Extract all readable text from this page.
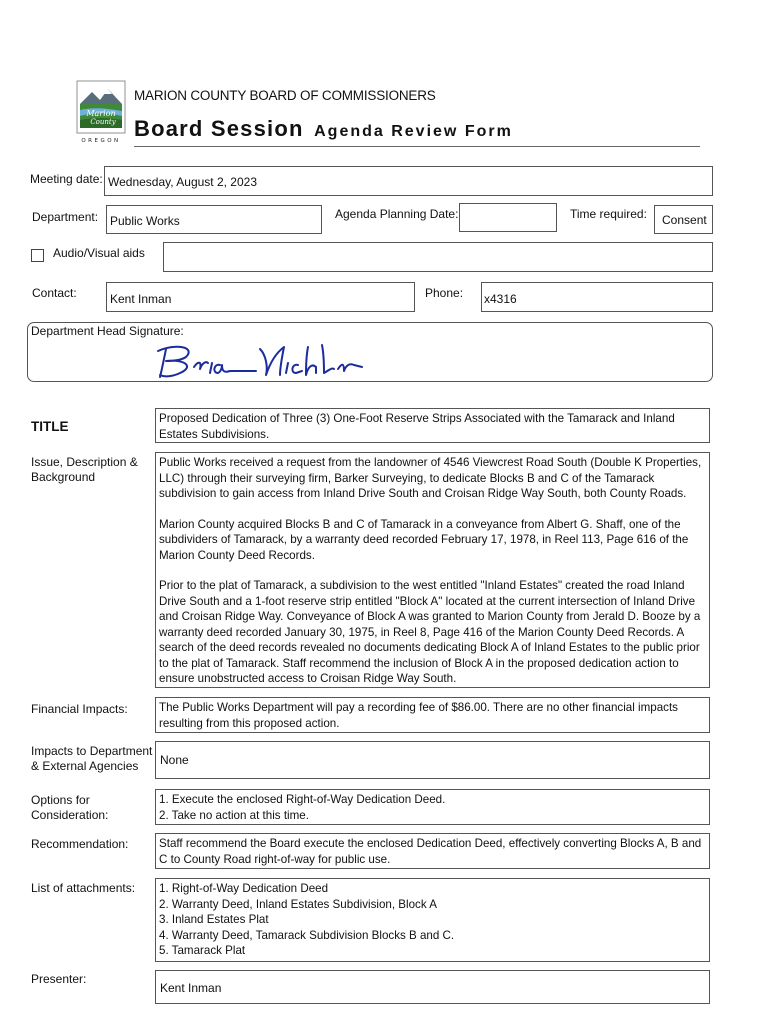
Marion
County
OREGON
MARION COUNTY BOARD OF COMMISSIONERS
Board Session Agenda Review Form
Meeting date: Wednesday, August 2, 2023
Department: Public Works	Agenda Planning Date:	Time required: Consent
Audio/Visual aids
Contact:	Kent Inman	Phone: x4316
Department Head Signature:
TITLE
Proposed Dedication of Three (3) One-Foot Reserve Strips Associated with the Tamarack and Inland Estates Subdivisions.
Issue, Description & Background

Public Works received a request from the landowner of 4546 Viewcrest Road South (Double K Properties, LLC) through their surveying firm, Barker Surveying, to dedicate Blocks B and C of the Tamarack subdivision to gain access from Inland Drive South and Croisan Ridge Way South, both County Roads.

Marion County acquired Blocks B and C of Tamarack in a conveyance from Albert G. Shaff, one of the subdividers of Tamarack, by a warranty deed recorded February 17, 1978, in Reel 113, Page 616 of the Marion County Deed Records.

Prior to the plat of Tamarack, a subdivision to the west entitled "Inland Estates" created the road Inland Drive South and a 1-foot reserve strip entitled "Block A" located at the current intersection of Inland Drive and Croisan Ridge Way. Conveyance of Block A was granted to Marion County from Jerald D. Booze by a warranty deed recorded January 30, 1975, in Reel 8, Page 416 of the Marion County Deed Records. A search of the deed records revealed no documents dedicating Block A of Inland Estates to the public prior to the plat of Tamarack. Staff recommend the inclusion of Block A in the proposed dedication action to ensure unobstructed access to Croisan Ridge Way South.

Financial Impacts:	The Public Works Department will pay a recording fee of $86.00. There are no other financial impacts resulting from this proposed action.
Impacts to Department
& External Agencies	None
Options for
Consideration:
1. Execute the enclosed Right-of-Way Dedication Deed.
2. Take no action at this time.
Recommendation:	Staff recommend the Board execute the enclosed Dedication Deed, effectively converting Blocks A, B and C to County Road right-of-way for public use.
List of attachments: 1. Right-of-Way Dedication Deed
2. Warranty Deed, Inland Estates Subdivision, Block A
3. Inland Estates Plat
4. Warranty Deed, Tamarack Subdivision Blocks B and C.
5. Tamarack Plat
Presenter:
Kent Inman
